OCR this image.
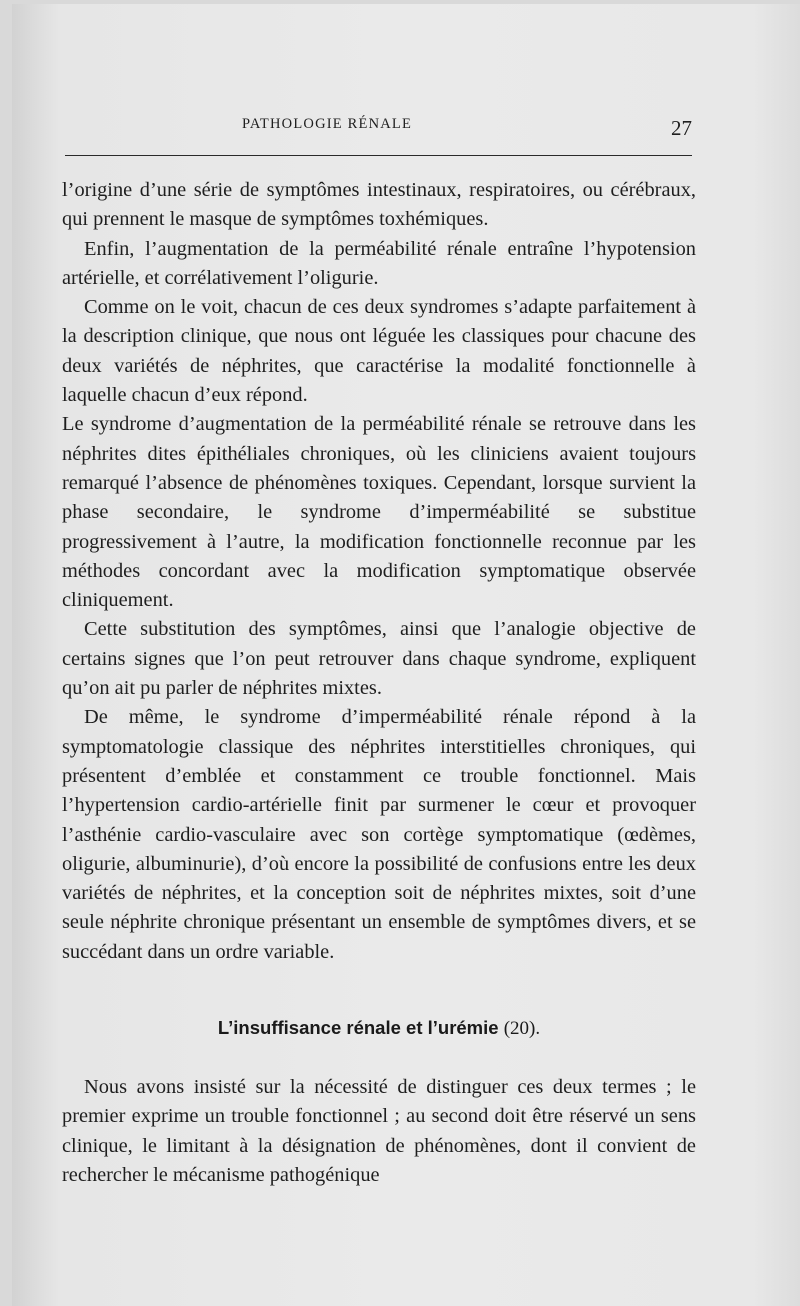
PATHOLOGIE RÉNALE	27

l’origine d’une série de symptômes intestinaux, respiratoires, ou cérébraux, qui prennent le masque de symptômes toxhémiques.

Enfin, l’augmentation de la perméabilité rénale entraîne l’hypotension artérielle, et corrélativement l’oligurie.

Comme on le voit, chacun de ces deux syndromes s’adapte parfaitement à la description clinique, que nous ont léguée les classiques pour chacune des deux variétés de néphrites, que caractérise la modalité fonctionnelle à laquelle chacun d’eux répond.

Le syndrome d’augmentation de la perméabilité rénale se retrouve dans les néphrites dites épithéliales chroniques, où les cliniciens avaient toujours remarqué l’absence de phénomènes toxiques. Cependant, lorsque survient la phase secondaire, le syndrome d’imperméabilité se substitue progressivement à l’autre, la modification fonctionnelle reconnue par les méthodes concordant avec la modification symptomatique observée cliniquement.

Cette substitution des symptômes, ainsi que l’analogie objective de certains signes que l’on peut retrouver dans chaque syndrome, expliquent qu’on ait pu parler de néphrites mixtes.

De même, le syndrome d’imperméabilité rénale répond à la symptomatologie classique des néphrites interstitielles chroniques, qui présentent d’emblée et constamment ce trouble fonctionnel. Mais l’hypertension cardio-artérielle finit par surmener le cœur et provoquer l’asthénie cardio-vasculaire avec son cortège symptomatique (œdèmes, oligurie, albuminurie), d’où encore la possibilité de confusions entre les deux variétés de néphrites, et la conception soit de néphrites mixtes, soit d’une seule néphrite chronique présentant un ensemble de symptômes divers, et se succédant dans un ordre variable.

L’insuffisance rénale et l’urémie (20).

Nous avons insisté sur la nécessité de distinguer ces deux termes ; le premier exprime un trouble fonctionnel ; au second doit être réservé un sens clinique, le limitant à la désignation de phénomènes, dont il convient de rechercher le mécanisme pathogénique
